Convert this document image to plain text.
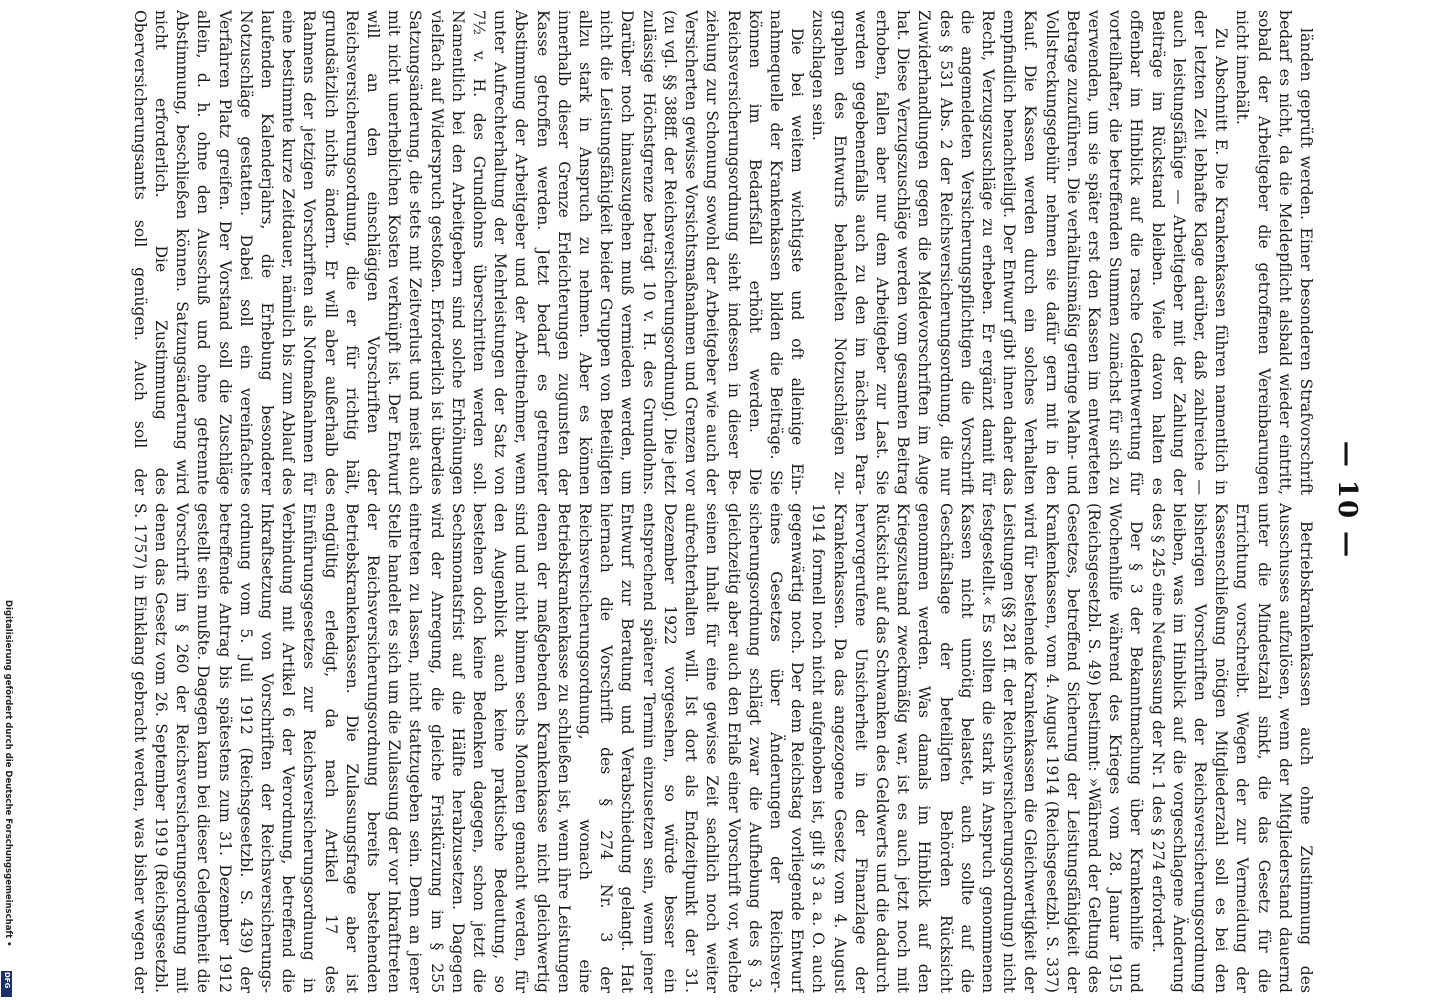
— 10 —

länden geprüft werden. Einer besonderen Strafvorschrift bedarf es nicht, da die Meldepflicht alsbald wieder eintritt, sobald der Arbeitgeber die getroffenen Vereinbarungen nicht innehält.

Zu Abschnitt E. Die Krankenkassen führen namentlich in der letzten Zeit lebhafte Klage darüber, daß zahlreiche — auch leistungsfähige — Arbeitgeber mit der Zahlung der Beiträge im Rückstand bleiben. Viele davon halten es offenbar im Hinblick auf die rasche Geldentwertung für vorteilhafter, die betreffenden Summen zunächst für sich zu verwenden, um sie später erst den Kassen im entwerteten Betrage zuzuführen. Die verhältnismäßig geringe Mahn- und Vollstreckungsgebühr nehmen sie dafür gern mit in den Kauf. Die Kassen werden durch ein solches Verhalten empfindlich benachteiligt. Der Entwurf gibt ihnen daher das Recht, Verzugszuschläge zu erheben. Er ergänzt damit für die angemeldeten Versicherungspflichtigen die Vorschrift des § 531 Abs. 2 der Reichsversicherungsordnung, die nur Zuwiderhandlungen gegen die Meldevorschriften im Auge hat. Diese Verzugszuschläge werden vom gesamten Beitrag erhoben, fallen aber nur dem Arbeitgeber zur Last. Sie werden gegebenenfalls auch zu den im nächsten Paragraphen des Entwurfs behandelten Notzuschlägen zuzuschlagen sein.

Die bei weitem wichtigste und oft alleinige Einnahmequelle der Krankenkassen bilden die Beiträge. Sie können im Bedarfsfall erhöht werden. Die Reichsversicherungsordnung sieht indessen in dieser Beziehung zur Schonung sowohl der Arbeitgeber wie auch der Versicherten gewisse Vorsichtsmaßnahmen und Grenzen vor (zu vgl. §§ 388ff. der Reichsversicherungsordnung). Die jetzt zulässige Höchstgrenze beträgt 10 v. H. des Grundlohns. Darüber noch hinauszugehen muß vermieden werden, um nicht die Leistungsfähigkeit beider Gruppen von Beteiligten allzu stark in Anspruch zu nehmen. Aber es können innerhalb dieser Grenze Erleichterungen zugunsten der Kasse getroffen werden. Jetzt bedarf es getrennter Abstimmung der Arbeitgeber und der Arbeitnehmer, wenn unter Aufrechterhaltung der Mehrleistungen der Satz von 7½ v. H. des Grundlohns überschritten werden soll. Namentlich bei den Arbeitgebern sind solche Erhöhungen vielfach auf Widerspruch gestoßen. Erforderlich ist überdies Satzungsänderung, die stets mit Zeitverlust und meist auch mit nicht unerheblichen Kosten verknüpft ist. Der Entwurf will an den einschlägigen Vorschriften der Reichsversicherungsordnung, die er für richtig hält, grundsätzlich nichts ändern. Er will aber außerhalb des Rahmens der jetzigen Vorschriften als Notmaßnahmen für eine bestimmte kurze Zeitdauer, nämlich bis zum Ablauf des laufenden Kalenderjahrs, die Erhebung besonderer Notzuschläge gestatten. Dabei soll ein vereinfachtes Verfahren Platz greifen. Der Vorstand soll die Zuschläge allein, d. h. ohne den Ausschuß und ohne getrennte Abstimmung, beschließen können. Satzungsänderung wird nicht erforderlich. Die Zustimmung des Oberversicherungsamts soll genügen. Auch soll der

Betriebskrankenkassen auch ohne Zustimmung des Ausschusses aufzulösen, wenn der Mitgliederstand dauernd unter die Mindestzahl sinkt, die das Gesetz für die Errichtung vorschreibt. Wegen der zur Vermeidung der Kassenschließung nötigen Mitgliederzahl soll es bei den bisherigen Vorschriften der Reichsversicherungsordnung bleiben, was im Hinblick auf die vorgeschlagene Änderung des § 245 eine Neufassung der Nr. 1 des § 274 erfordert.

Der § 3 der Bekanntmachung über Krankenhilfe und Wochenhilfe während des Krieges vom 28. Januar 1915 (Reichsgesetzbl. S. 49) bestimmt: »Während der Geltung des Gesetzes, betreffend Sicherung der Leistungsfähigkeit der Krankenkassen, vom 4. August 1914 (Reichsgesetzbl. S. 337) wird für bestehende Krankenkassen die Gleichwertigkeit der Leistungen (§§ 281 ff. der Reichsversicherungsordnung) nicht festgestellt.« Es sollten die stark in Anspruch genommenen Kassen nicht unnötig belastet, auch sollte auf die Geschäftslage der beteiligten Behörden Rücksicht genommen werden. Was damals im Hinblick auf den Kriegszustand zweckmäßig war, ist es auch jetzt noch mit Rücksicht auf das Schwanken des Geldwerts und die dadurch hervorgerufene Unsicherheit in der Finanzlage der Krankenkassen. Da das angezogene Gesetz vom 4. August 1914 formell noch nicht aufgehoben ist, gilt § 3 a. a. O. auch gegenwärtig noch. Der dem Reichstag vorliegende Entwurf eines Gesetzes über Änderungen der Reichsversicherungsordnung schlägt zwar die Aufhebung des § 3. gleichzeitig aber auch den Erlaß einer Vorschrift vor, welche seinen Inhalt für eine gewisse Zeit sachlich noch weiter aufrechterhalten will. Ist dort als Endzeitpunkt der 31. Dezember 1922 vorgesehen, so würde besser ein entsprechend späterer Termin einzusetzen sein, wenn jener Entwurf zur Beratung und Verabschiedung gelangt. Hat hiernach die Vorschrift des § 274 Nr. 3 der Reichsversicherungsordnung, wonach eine Betriebskrankenkasse zu schließen ist, wenn ihre Leistungen denen der maßgebenden Krankenkasse nicht gleichwertig sind und nicht binnen sechs Monaten gemacht werden, für den Augenblick auch keine praktische Bedeutung, so bestehen doch keine Bedenken dagegen, schon jetzt die Sechsmonatsfrist auf die Hälfte herabzusetzen. Dagegen wird der Anregung, die gleiche Fristkürzung im § 255 eintreten zu lassen, nicht stattzugeben sein. Denn an jener Stelle handelt es sich um die Zulassung der vor Inkrafttreten der Reichsversicherungsordnung bereits bestehenden Betriebskrankenkassen. Die Zulassungsfrage aber ist endgültig erledigt, da nach Artikel 17 des Einführungsgesetzes zur Reichsversicherungsordnung in Verbindung mit Artikel 6 der Verordnung, betreffend die Inkraftsetzung von Vorschriften der Reichsversicherungsordnung vom 5. Juli 1912 (Reichsgesetzbl. S. 439) der betreffende Antrag bis spätestens zum 31. Dezember 1912 gestellt sein mußte. Dagegen kann bei dieser Gelegenheit die Vorschrift im § 260 der Reichsversicherungsordnung mit denen das Gesetz vom 26. September 1919 (Reichsgesetzbl. S. 1757) in Einklang gebracht werden, was bisher wegen der

Digitalisierung gefördert durch die Deutsche Forschungsgemeinschaft •
DFG
